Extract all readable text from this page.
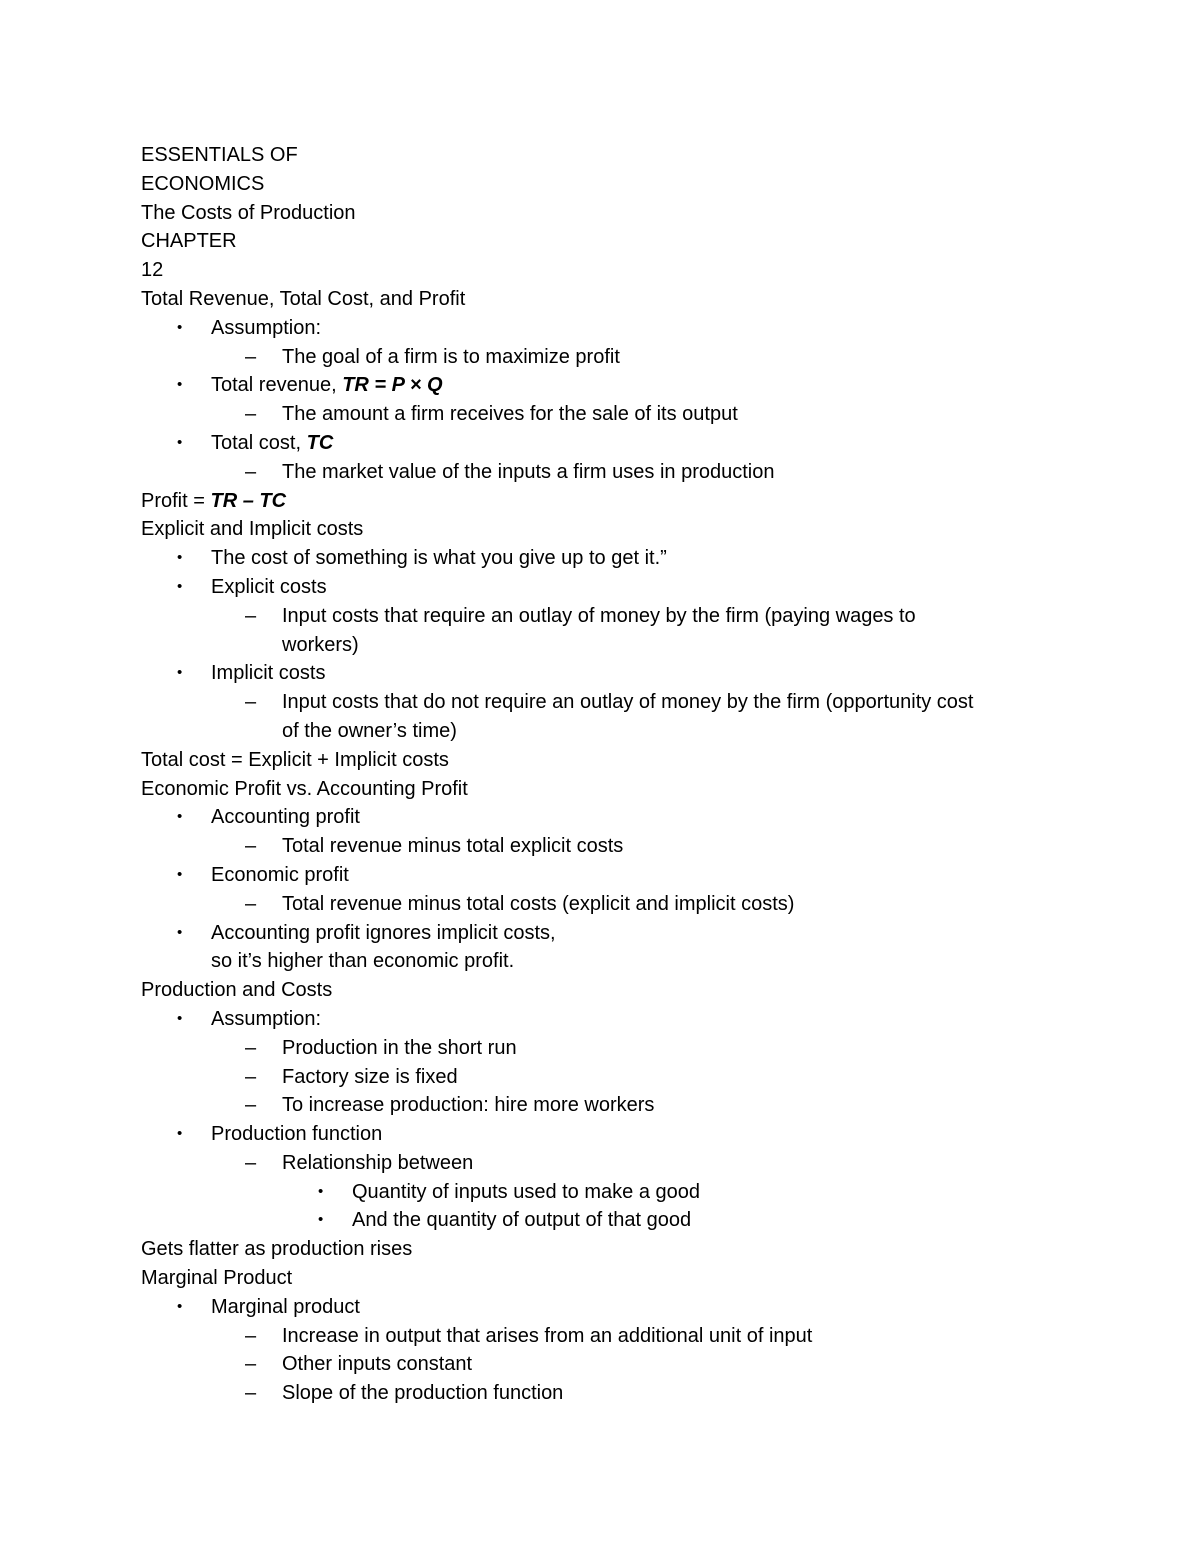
ESSENTIALS OF
ECONOMICS
The Costs of Production
CHAPTER
12
Total Revenue, Total Cost, and Profit
• Assumption:
– The goal of a firm is to maximize profit
• Total revenue, TR = P × Q
– The amount a firm receives for the sale of its output
• Total cost, TC
– The market value of the inputs a firm uses in production
Profit = TR – TC
Explicit and Implicit costs
• The cost of something is what you give up to get it.”
• Explicit costs
– Input costs that require an outlay of money by the firm (paying wages to
workers)
• Implicit costs
– Input costs that do not require an outlay of money by the firm (opportunity cost
of the owner’s time)
Total cost = Explicit + Implicit costs
Economic Profit vs. Accounting Profit
• Accounting profit
– Total revenue minus total explicit costs
• Economic profit
– Total revenue minus total costs (explicit and implicit costs)
• Accounting profit ignores implicit costs,
so it’s higher than economic profit.
Production and Costs
• Assumption:
– Production in the short run
– Factory size is fixed
– To increase production: hire more workers
• Production function
– Relationship between
• Quantity of inputs used to make a good
• And the quantity of output of that good
Gets flatter as production rises
Marginal Product
• Marginal product
– Increase in output that arises from an additional unit of input
– Other inputs constant
– Slope of the production function
